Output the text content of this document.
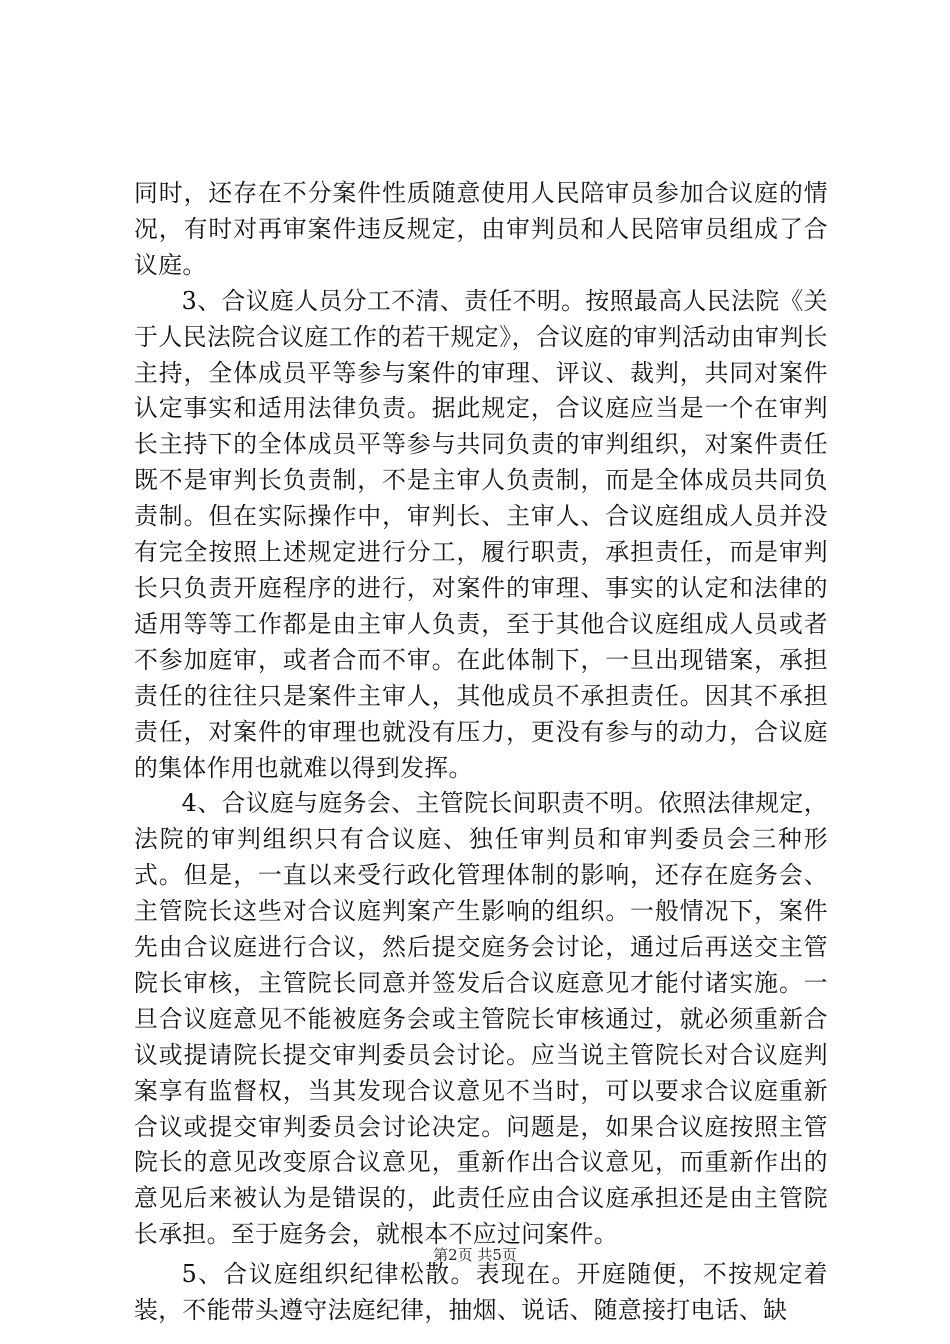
同时，还存在不分案件性质随意使用人民陪审员参加合议庭的情况，有时对再审案件违反规定，由审判员和人民陪审员组成了合议庭。

3、合议庭人员分工不清、责任不明。按照最高人民法院《关于人民法院合议庭工作的若干规定》，合议庭的审判活动由审判长主持，全体成员平等参与案件的审理、评议、裁判，共同对案件认定事实和适用法律负责。据此规定，合议庭应当是一个在审判长主持下的全体成员平等参与共同负责的审判组织，对案件责任既不是审判长负责制，不是主审人负责制，而是全体成员共同负责制。但在实际操作中，审判长、主审人、合议庭组成人员并没有完全按照上述规定进行分工，履行职责，承担责任，而是审判长只负责开庭程序的进行，对案件的审理、事实的认定和法律的适用等等工作都是由主审人负责，至于其他合议庭组成人员或者不参加庭审，或者合而不审。在此体制下，一旦出现错案，承担责任的往往只是案件主审人，其他成员不承担责任。因其不承担责任，对案件的审理也就没有压力，更没有参与的动力，合议庭的集体作用也就难以得到发挥。

4、合议庭与庭务会、主管院长间职责不明。依照法律规定，法院的审判组织只有合议庭、独任审判员和审判委员会三种形式。但是，一直以来受行政化管理体制的影响，还存在庭务会、主管院长这些对合议庭判案产生影响的组织。一般情况下，案件先由合议庭进行合议，然后提交庭务会讨论，通过后再送交主管院长审核，主管院长同意并签发后合议庭意见才能付诸实施。一旦合议庭意见不能被庭务会或主管院长审核通过，就必须重新合议或提请院长提交审判委员会讨论。应当说主管院长对合议庭判案享有监督权，当其发现合议意见不当时，可以要求合议庭重新合议或提交审判委员会讨论决定。问题是，如果合议庭按照主管院长的意见改变原合议意见，重新作出合议意见，而重新作出的意见后来被认为是错误的，此责任应由合议庭承担还是由主管院长承担。至于庭务会，就根本不应过问案件。

5、合议庭组织纪律松散。表现在。开庭随便，不按规定着装，不能带头遵守法庭纪律，抽烟、说话、随意接打电话、缺

第2页 共5页
